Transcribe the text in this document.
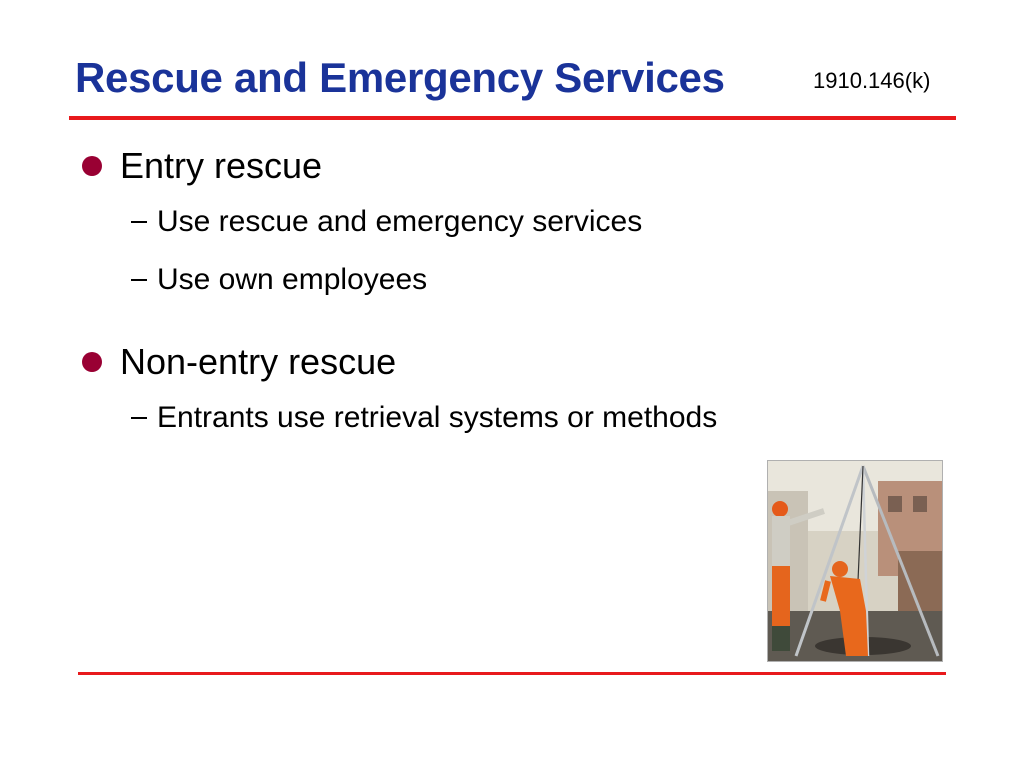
Rescue and Emergency Services	1910.146(k)
Entry rescue
Use rescue and emergency services
Use own employees
Non-entry rescue
Entrants use retrieval systems or methods
